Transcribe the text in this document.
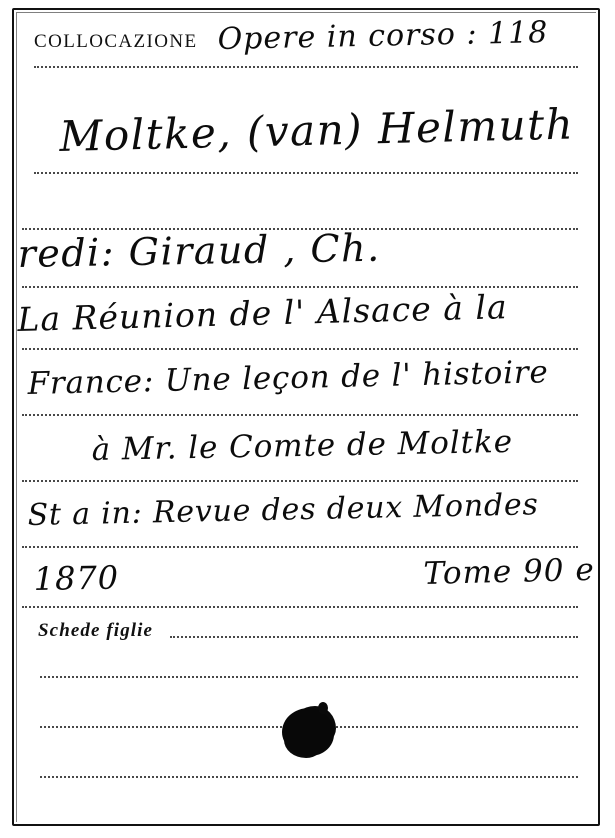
COLLOCAZIONE Opere in corso : 118
Moltke, (van) Helmuth
redi: Giraud , Ch.
La Réunion de l' Alsace à la
France: Une leçon de l' histoire
à Mr. le Comte de Moltke
St a in: Revue des deux Mondes
1870	Tome 90 e
Schede figlie
